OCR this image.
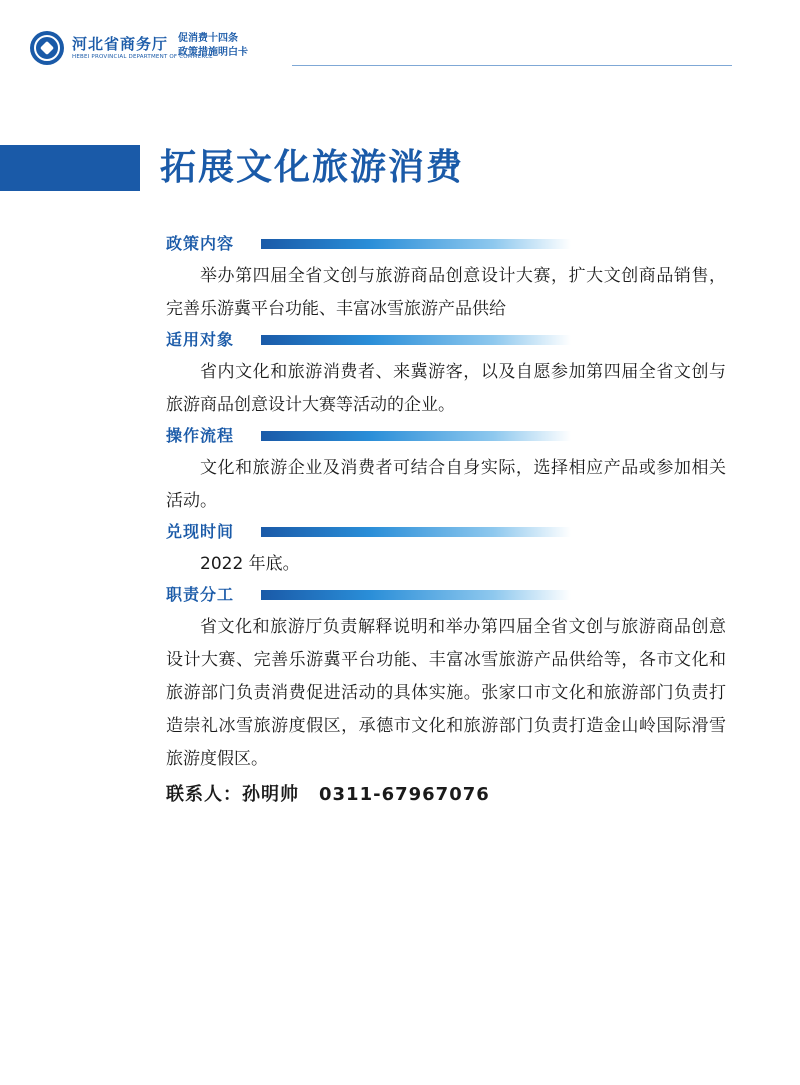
河北省商务厅
HEBEI PROVINCIAL DEPARTMENT OF COMMERCE
促消费十四条
政策措施明白卡
拓展文化旅游消费
政策内容

举办第四届全省文创与旅游商品创意设计大赛，扩大文创商品销售，完善乐游冀平台功能、丰富冰雪旅游产品供给

适用对象

省内文化和旅游消费者、来冀游客，以及自愿参加第四届全省文创与旅游商品创意设计大赛等活动的企业。

操作流程

文化和旅游企业及消费者可结合自身实际，选择相应产品或参加相关活动。

兑现时间

2022 年底。

职责分工

省文化和旅游厅负责解释说明和举办第四届全省文创与旅游商品创意设计大赛、完善乐游冀平台功能、丰富冰雪旅游产品供给等，各市文化和旅游部门负责消费促进活动的具体实施。张家口市文化和旅游部门负责打造崇礼冰雪旅游度假区，承德市文化和旅游部门负责打造金山岭国际滑雪旅游度假区。

联系人：孙明帅 0311-67967076
